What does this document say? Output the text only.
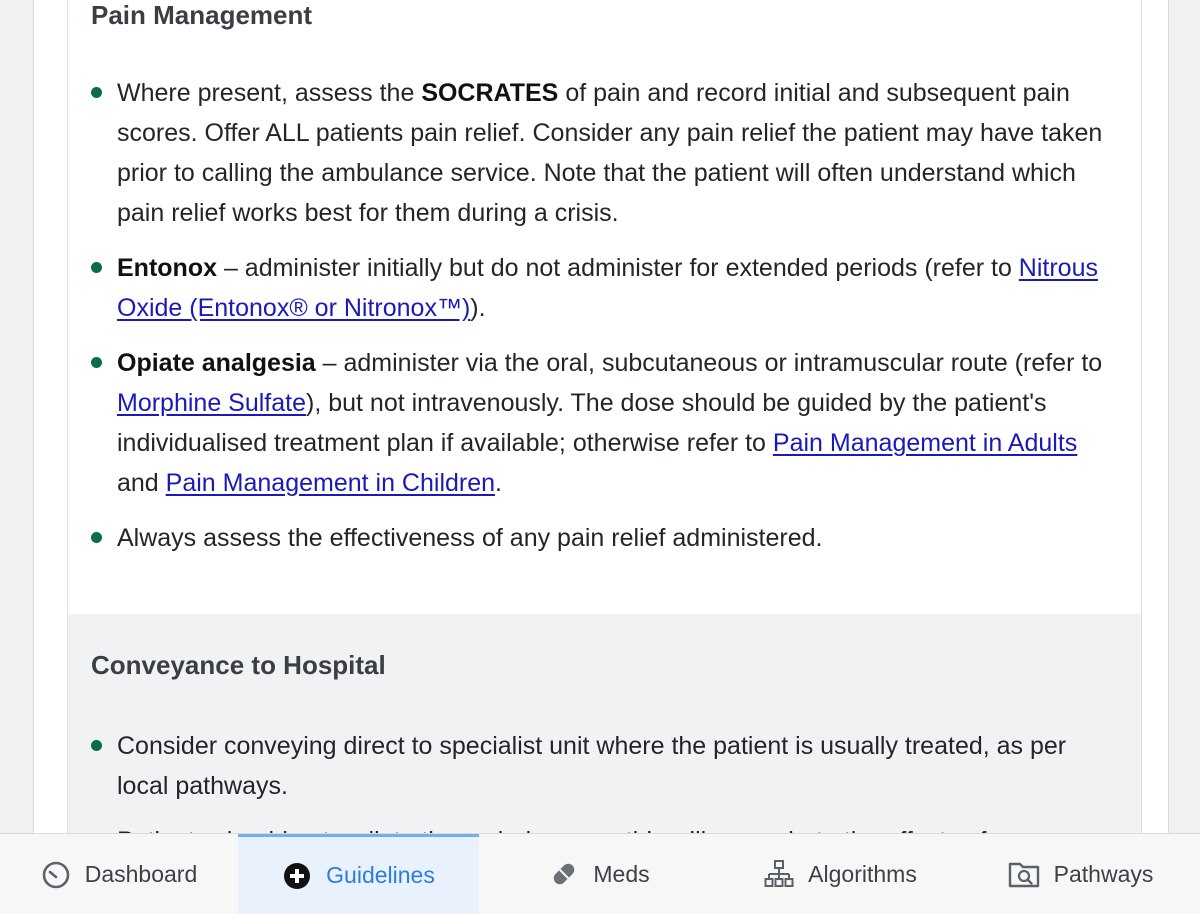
Pain Management
Where present, assess the SOCRATES of pain and record initial and subsequent pain scores. Offer ALL patients pain relief. Consider any pain relief the patient may have taken prior to calling the ambulance service. Note that the patient will often understand which pain relief works best for them during a crisis.
Entonox – administer initially but do not administer for extended periods (refer to Nitrous Oxide (Entonox® or Nitronox™)).
Opiate analgesia – administer via the oral, subcutaneous or intramuscular route (refer to Morphine Sulfate), but not intravenously. The dose should be guided by the patient's individualised treatment plan if available; otherwise refer to Pain Management in Adults and Pain Management in Children.
Always assess the effectiveness of any pain relief administered.
Conveyance to Hospital
Consider conveying direct to specialist unit where the patient is usually treated, as per local pathways.
Dashboard	Guidelines	Meds	Algorithms	Pathways
